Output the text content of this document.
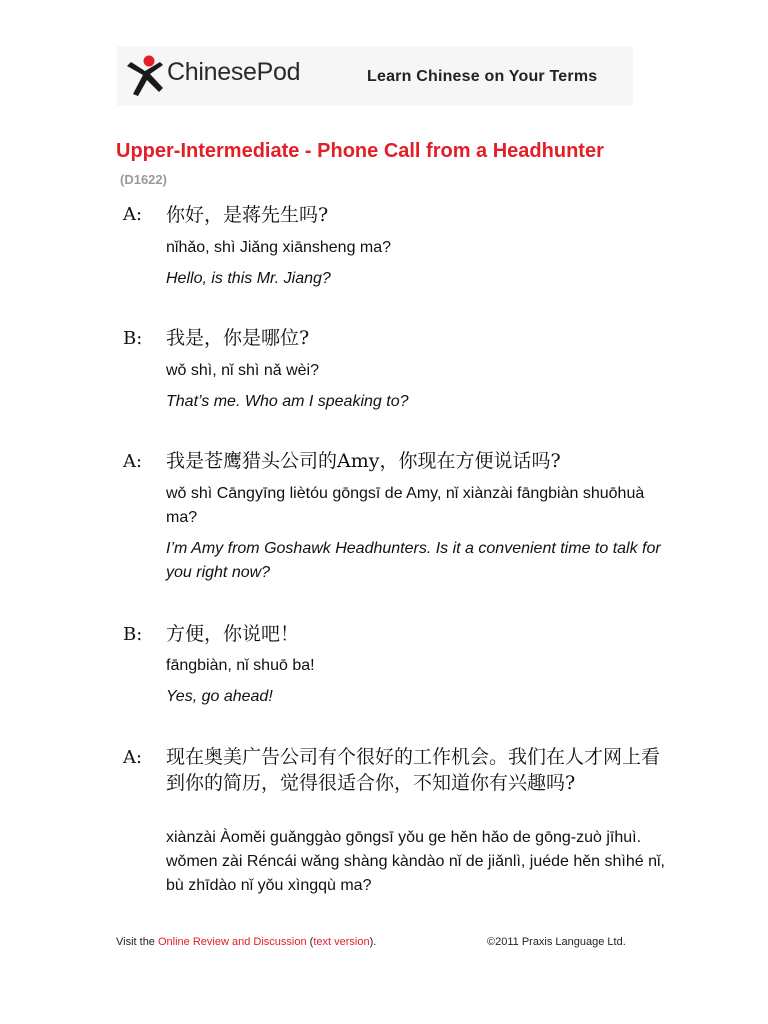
ChinesePod	Learn Chinese on Your Terms
Upper-Intermediate - Phone Call from a Headhunter
(D1622)
A: 你好，是蒋先生吗?
nǐhǎo, shì Jiǎng xiānsheng ma?
Hello, is this Mr. Jiang?
B: 我是，你是哪位?
wǒ shì, nǐ shì nǎ wèi?
That’s me. Who am I speaking to?
A: 我是苍鹰猎头公司的Amy，你现在方便说话吗?
wǒ shì Cāngyīng liètóu gōngsī de Amy, nǐ xiànzài fāngbiàn shuōhuà ma?
I’m Amy from Goshawk Headhunters. Is it a convenient time to talk for you right now?
B: 方便，你说吧！
fāngbiàn, nǐ shuō ba!
Yes, go ahead!
A: 现在奥美广告公司有个很好的工作机会。我们在人才网上看到你的简历，觉得很适合你，不知道你有兴趣吗?
xiànzài Àoměi guǎnggào gōngsī yǒu ge hěn hǎo de gōng-zuò jīhuì. wǒmen zài Réncái wǎng shàng kàndào nǐ de jiǎnlì, juéde hěn shìhé nǐ, bù zhīdào nǐ yǒu xìngqù ma?
Visit the Online Review and Discussion (text version).	©2011 Praxis Language Ltd.
